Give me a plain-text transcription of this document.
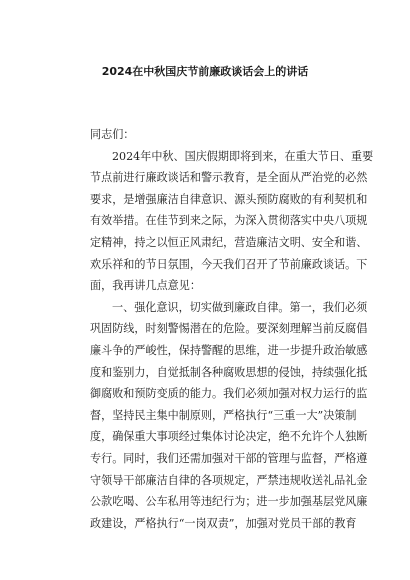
2024在中秋国庆节前廉政谈话会上的讲话
同志们：
2024年中秋、国庆假期即将到来，在重大节日、重要
节点前进行廉政谈话和警示教育，是全面从严治党的必然
要求，是增强廉洁自律意识、源头预防腐败的有利契机和
有效举措。在佳节到来之际，为深入贯彻落实中央八项规
定精神，持之以恒正风肃纪，营造廉洁文明、安全和谐、
欢乐祥和的节日氛围，今天我们召开了节前廉政谈话。下
面，我再讲几点意见：
一、强化意识，切实做到廉政自律。第一，我们必须
巩固防线，时刻警惕潜在的危险。要深刻理解当前反腐倡
廉斗争的严峻性，保持警醒的思维，进一步提升政治敏感
度和鉴别力，自觉抵制各种腐败思想的侵蚀，持续强化抵
御腐败和预防变质的能力。我们必须加强对权力运行的监
督，坚持民主集中制原则，严格执行“三重一大”决策制
度，确保重大事项经过集体讨论决定，绝不允许个人独断
专行。同时，我们还需加强对干部的管理与监督，严格遵
守领导干部廉洁自律的各项规定，严禁违规收送礼品礼金
公款吃喝、公车私用等违纪行为；进一步加强基层党风廉
政建设，严格执行“一岗双责”，加强对党员干部的教育
